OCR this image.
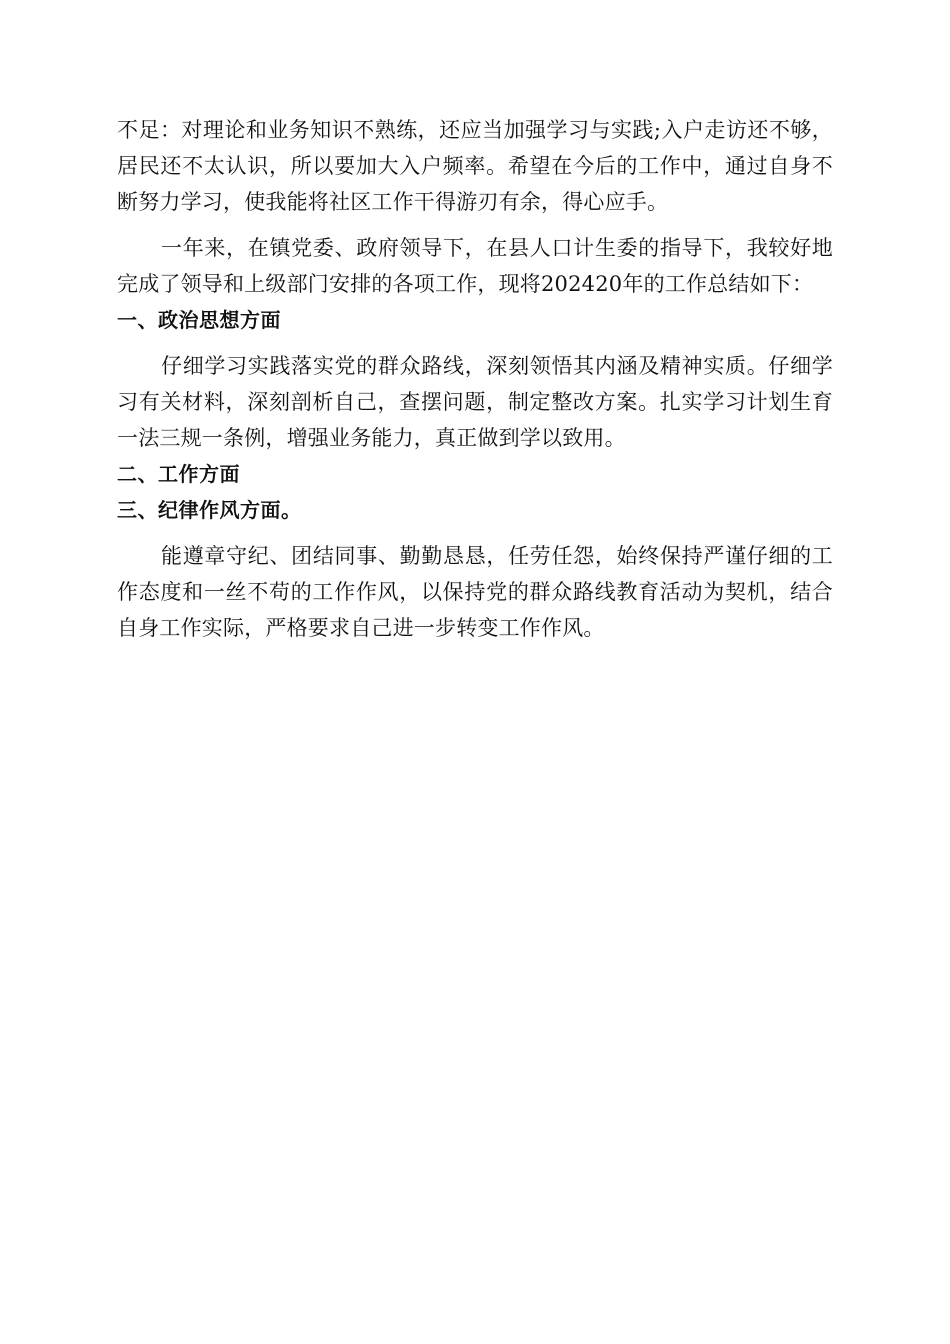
不足：对理论和业务知识不熟练，还应当加强学习与实践;入户走访还不够，居民还不太认识，所以要加大入户频率。希望在今后的工作中，通过自身不断努力学习，使我能将社区工作干得游刃有余，得心应手。

一年来，在镇党委、政府领导下，在县人口计生委的指导下，我较好地完成了领导和上级部门安排的各项工作，现将202420年的工作总结如下：

一、政治思想方面

仔细学习实践落实党的群众路线，深刻领悟其内涵及精神实质。仔细学习有关材料，深刻剖析自己，查摆问题，制定整改方案。扎实学习计划生育一法三规一条例，增强业务能力，真正做到学以致用。

二、工作方面

三、纪律作风方面。

能遵章守纪、团结同事、勤勤恳恳，任劳任怨，始终保持严谨仔细的工作态度和一丝不苟的工作作风，以保持党的群众路线教育活动为契机，结合自身工作实际，严格要求自己进一步转变工作作风。
